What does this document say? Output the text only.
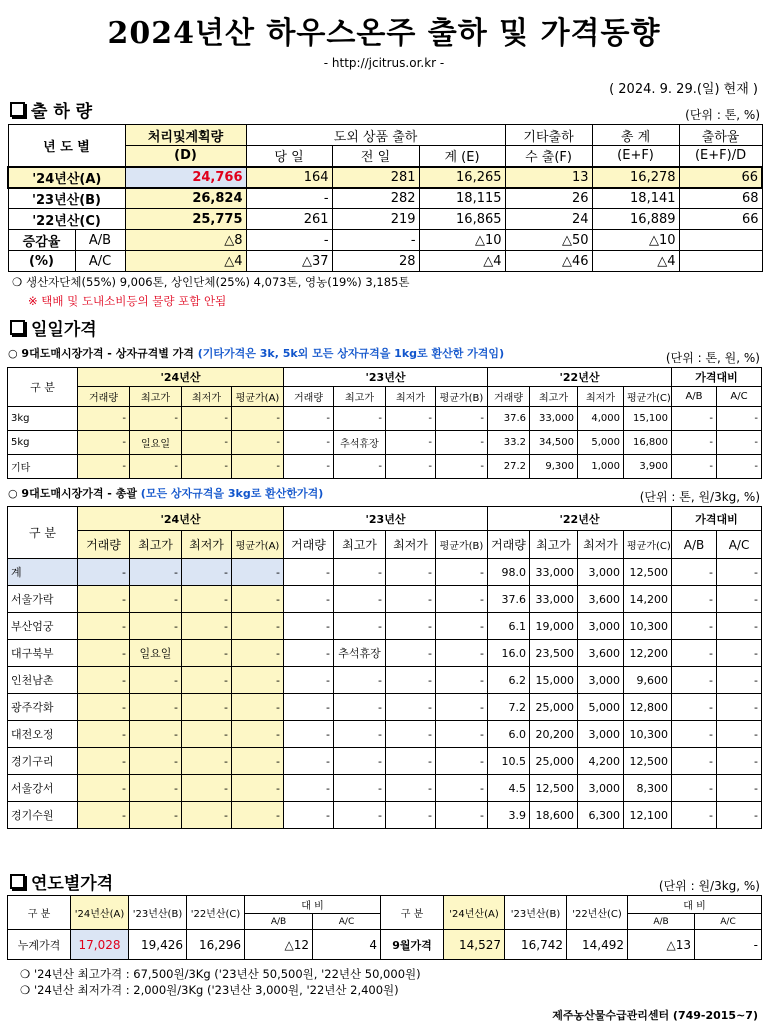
2024년산 하우스온주 출하 및 가격동향
- http://jcitrus.or.kr -
( 2024. 9. 29.(일) 현재 )
출 하 량	(단위 : 톤, %)
년 도 별		처리및계획량	도외 상품 출하			기타출하	총 계	출하율
		(D)	당 일	전 일	계 (E)	수 출(F)	(E+F)	(E+F)/D
'24년산(A)		24,766	164	281	16,265	13	16,278	66
'23년산(B)		26,824	-	282	18,115	26	18,141	68
'22년산(C)		25,775	261	219	16,865	24	16,889	66
증감율	A/B	△8	-	-	△10	△50	△10	
(%)	A/C	△4	△37	28	△4	△46	△4	
❍ 생산자단체(55%) 9,006톤, 상인단체(25%) 4,073톤, 영농(19%) 3,185톤
※ 택배 및 도내소비등의 물량 포함 안됨
일일가격
○ 9대도매시장가격 - 상자규격별 가격 (기타가격은 3k, 5k외 모든 상자규격을 1kg로 환산한 가격임)	(단위 : 톤, 원, %)
구 분	'24년산				'23년산				'22년산				가격대비	
	거래량	최고가	최저가	평균가(A)	거래량	최고가	최저가	평균가(B)	거래량	최고가	최저가	평균가(C)	A/B	A/C
3kg	-	-	-	-	-	-	-	-	37.6	33,000	4,000	15,100	-	-
5kg	-	일요일	-	-	-	추석휴장	-	-	33.2	34,500	5,000	16,800	-	-
기타	-	-	-	-	-	-	-	-	27.2	9,300	1,000	3,900	-	-
○ 9대도매시장가격 - 총괄 (모든 상자규격을 3kg로 환산한가격)	(단위 : 톤, 원/3kg, %)
구 분	'24년산				'23년산				'22년산				가격대비	
	거래량	최고가	최저가	평균가(A)	거래량	최고가	최저가	평균가(B)	거래량	최고가	최저가	평균가(C)	A/B	A/C
계	-	-	-	-	-	-	-	-	98.0	33,000	3,000	12,500	-	-
서울가락	-	-	-	-	-	-	-	-	37.6	33,000	3,600	14,200	-	-
부산엄궁	-	-	-	-	-	-	-	-	6.1	19,000	3,000	10,300	-	-
대구북부	-	일요일	-	-	-	추석휴장	-	-	16.0	23,500	3,600	12,200	-	-
인천남촌	-	-	-	-	-	-	-	-	6.2	15,000	3,000	9,600	-	-
광주각화	-	-	-	-	-	-	-	-	7.2	25,000	5,000	12,800	-	-
대전오정	-	-	-	-	-	-	-	-	6.0	20,200	3,000	10,300	-	-
경기구리	-	-	-	-	-	-	-	-	10.5	25,000	4,200	12,500	-	-
서울강서	-	-	-	-	-	-	-	-	4.5	12,500	3,000	8,300	-	-
경기수원	-	-	-	-	-	-	-	-	3.9	18,600	6,300	12,100	-	-
연도별가격	(단위 : 원/3kg, %)
구 분	'24년산(A)	'23년산(B)	'22년산(C)	대 비		구 분	'24년산(A)	'23년산(B)	'22년산(C)	대 비	
				A/B	A/C					A/B	A/C
누계가격	17,028	19,426	16,296	△12	4	9월가격	14,527	16,742	14,492	△13	-
❍ '24년산 최고가격 : 67,500원/3Kg ('23년산 50,500원, '22년산 50,000원)
❍ '24년산 최저가격 : 2,000원/3Kg ('23년산 3,000원, '22년산 2,400원)
제주농산물수급관리센터 (749-2015~7)
